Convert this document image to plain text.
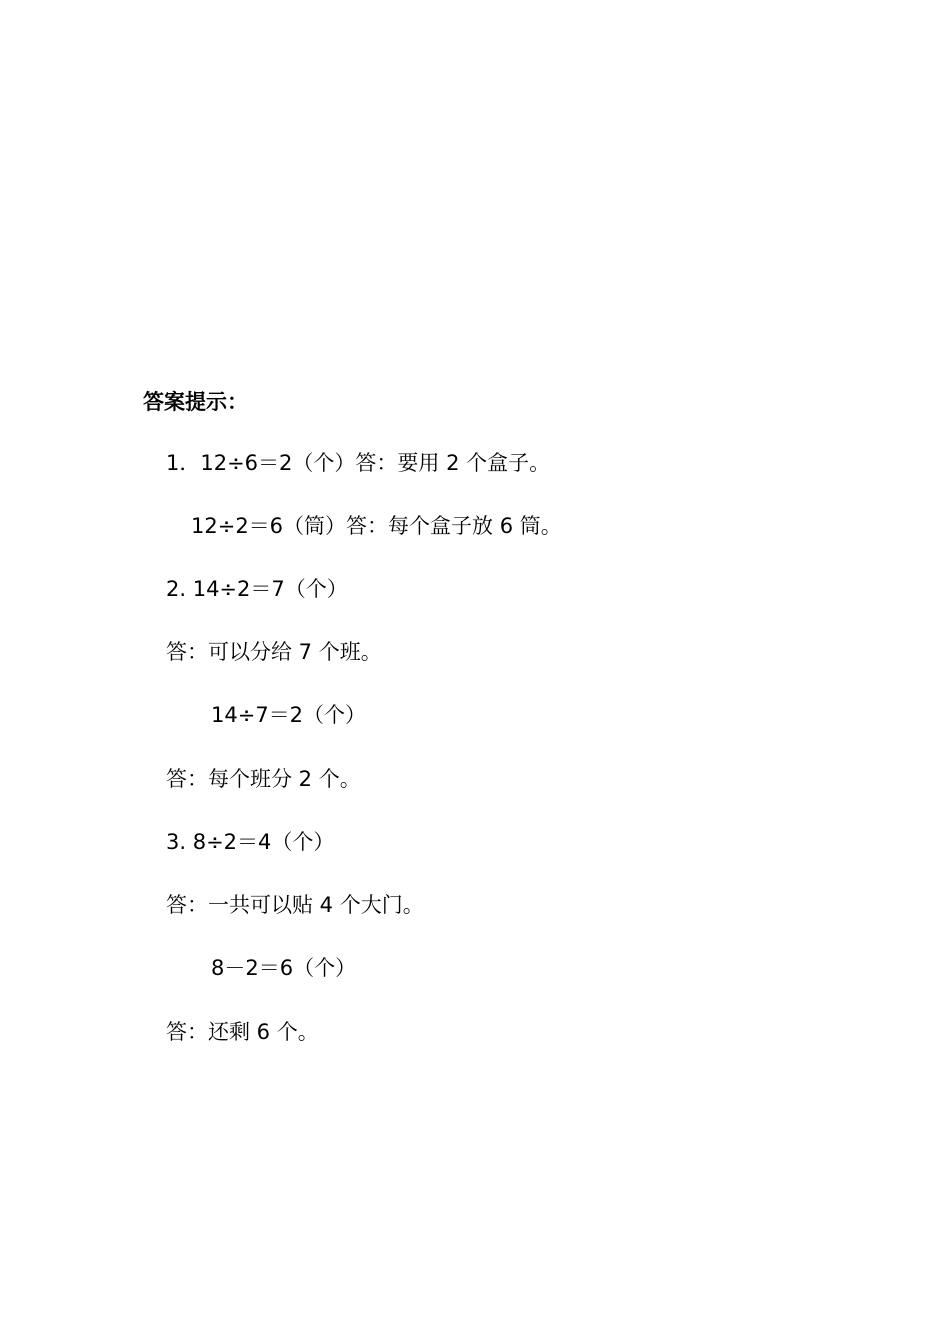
答案提示：
1．12÷6＝2（个）答：要用 2 个盒子。
12÷2＝6（筒）答：每个盒子放 6 筒。
2. 14÷2＝7（个）
答：可以分给 7 个班。
14÷7＝2（个）
答：每个班分 2 个。
3. 8÷2＝4（个）
答：一共可以贴 4 个大门。
8－2＝6（个）
答：还剩 6 个。
